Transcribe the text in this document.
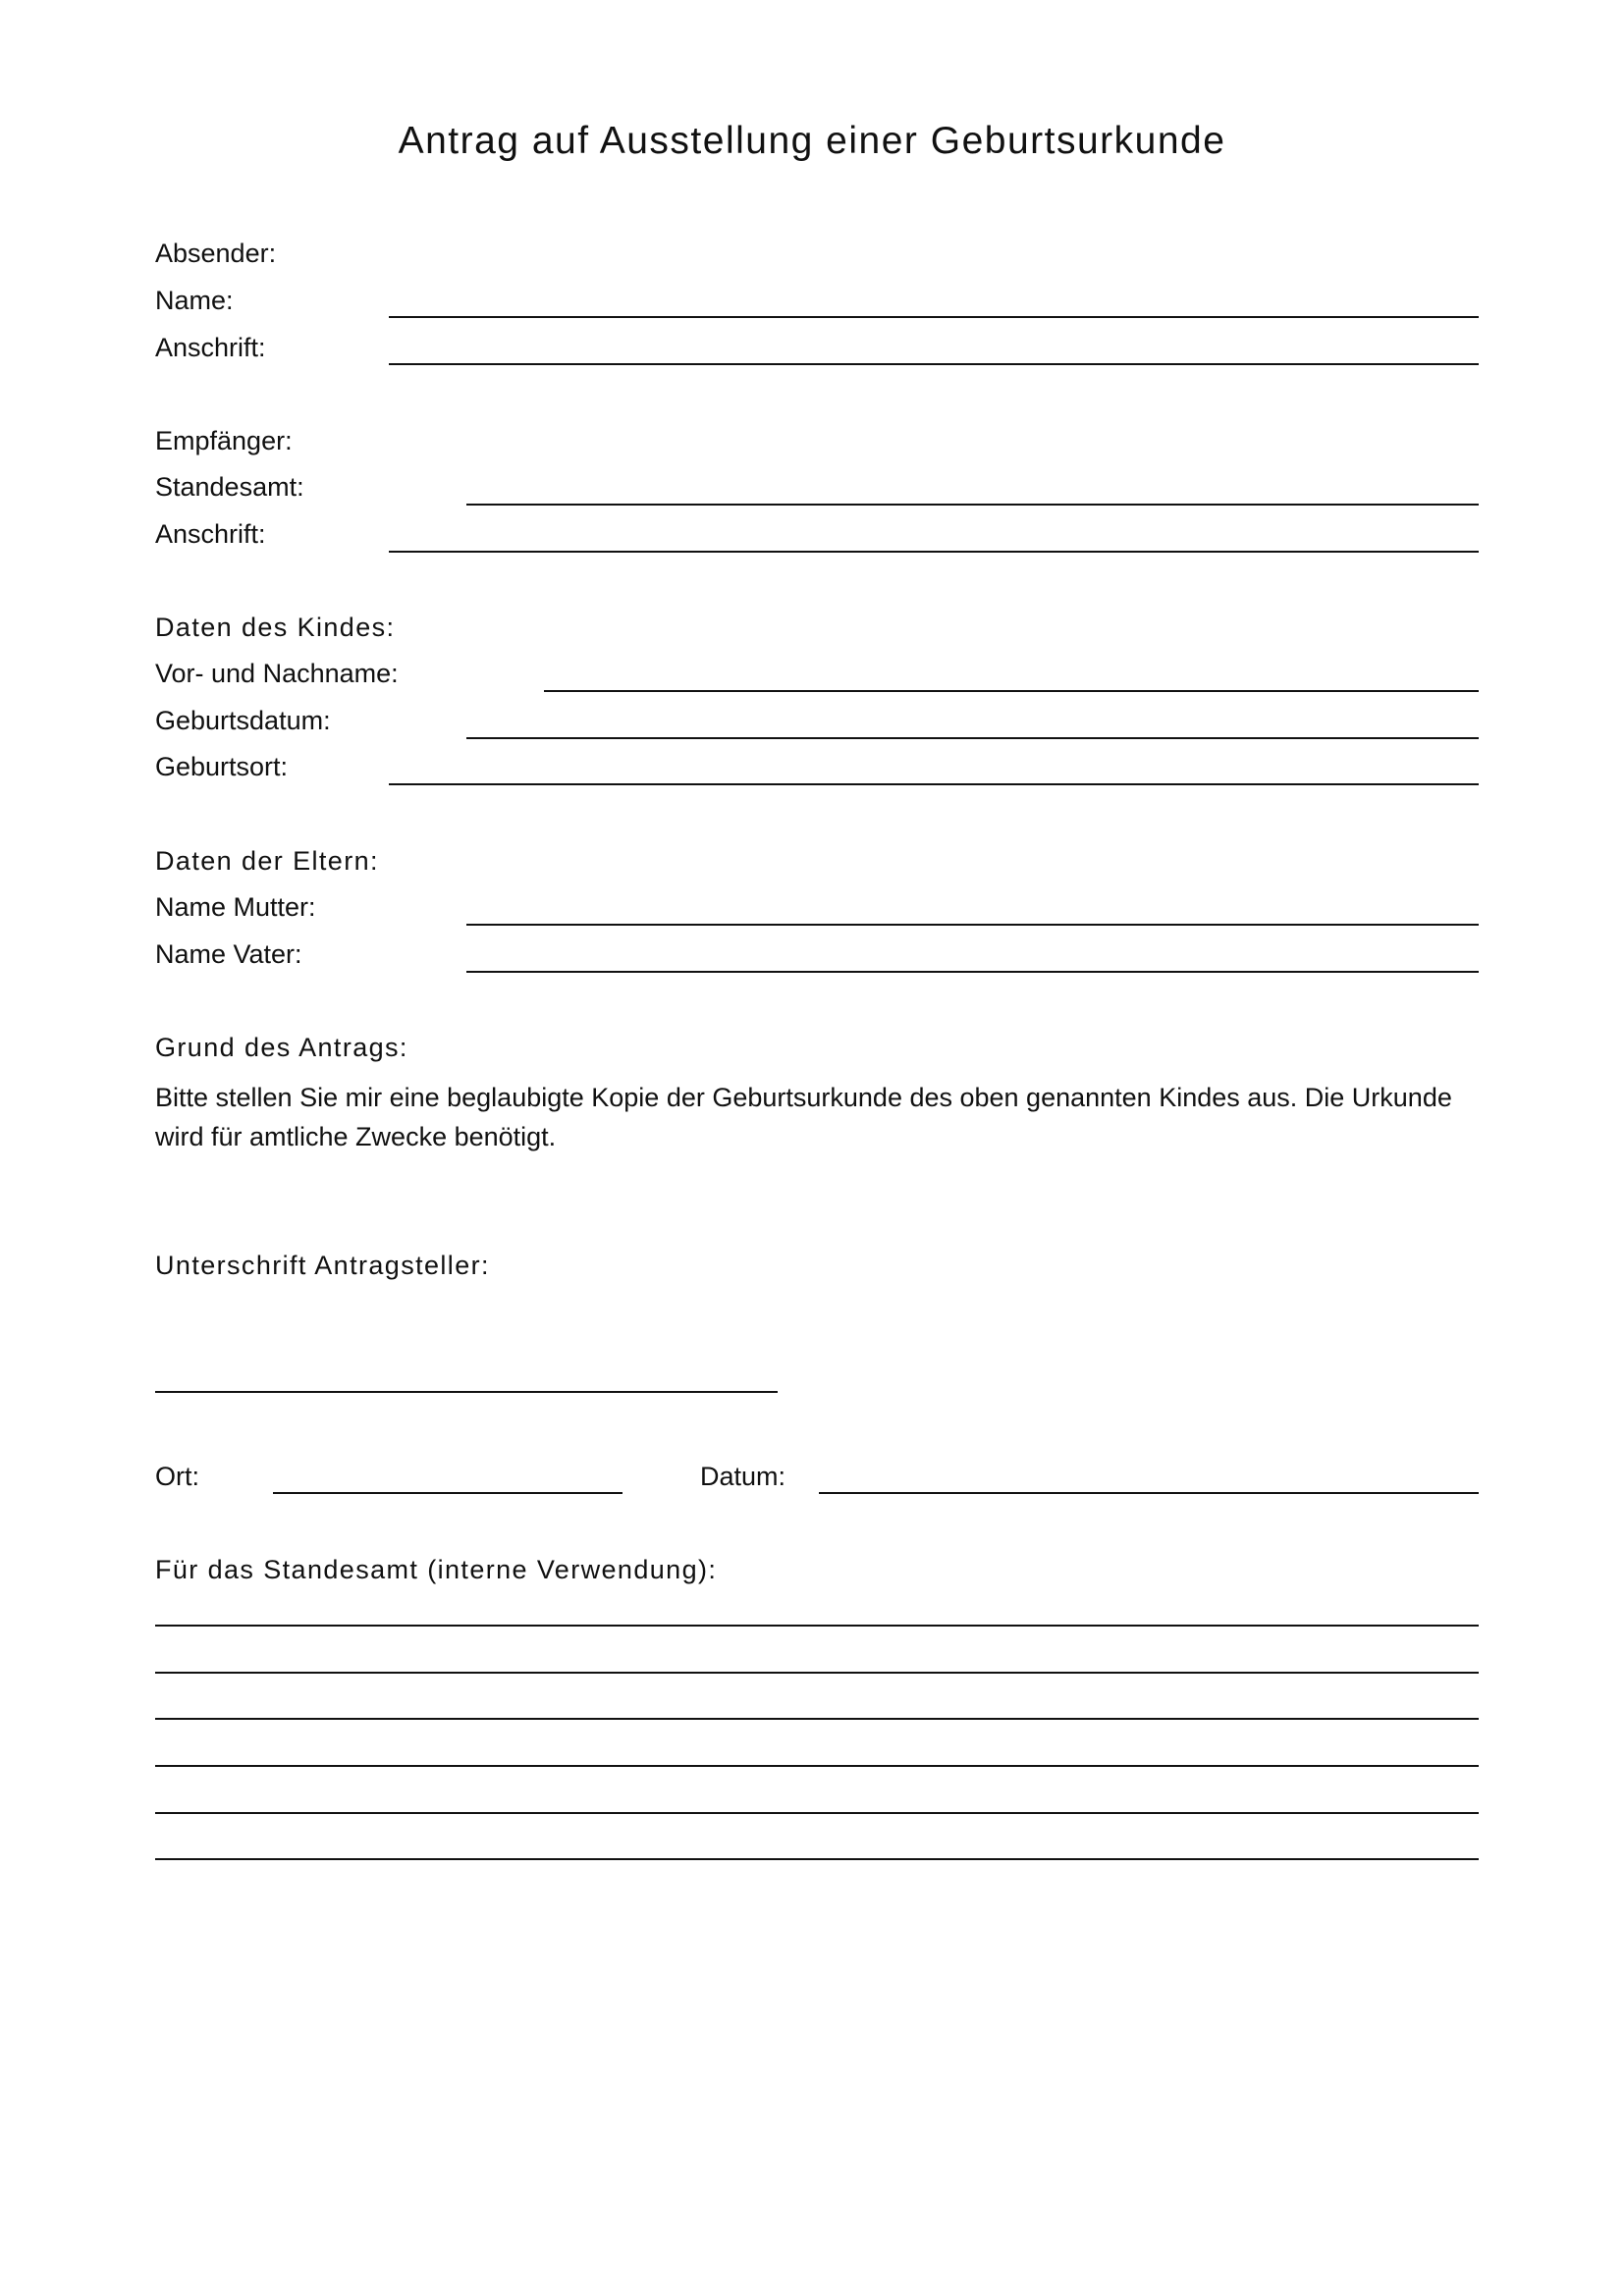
Antrag auf Ausstellung einer Geburtsurkunde
Absender:
Name:
Anschrift:
Empfänger:
Standesamt:
Anschrift:
Daten des Kindes:
Vor- und Nachname:
Geburtsdatum:
Geburtsort:
Daten der Eltern:
Name Mutter:
Name Vater:
Grund des Antrags:
Bitte stellen Sie mir eine beglaubigte Kopie der Geburtsurkunde des oben genannten Kindes aus. Die Urkunde wird für amtliche Zwecke benötigt.
Unterschrift Antragsteller:
Ort:	Datum:
Für das Standesamt (interne Verwendung):
